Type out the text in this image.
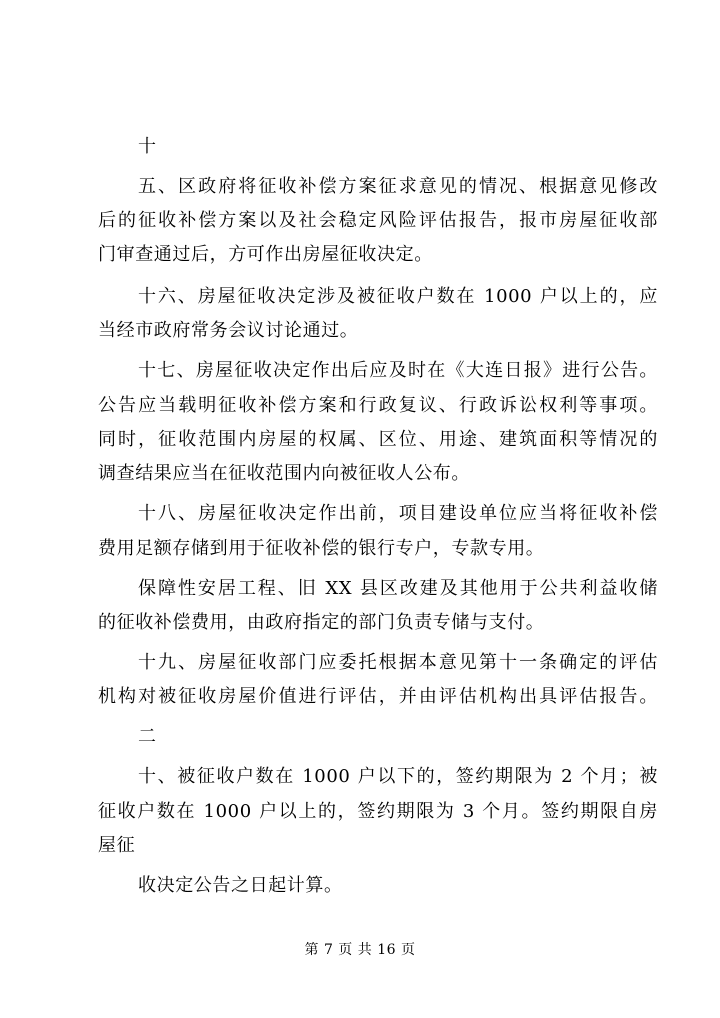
十
五、区政府将征收补偿方案征求意见的情况、根据意见修改
后的征收补偿方案以及社会稳定风险评估报告，报市房屋征收部
门审查通过后，方可作出房屋征收决定。
十六、房屋征收决定涉及被征收户数在 1000 户以上的，应
当经市政府常务会议讨论通过。
十七、房屋征收决定作出后应及时在《大连日报》进行公告。
公告应当载明征收补偿方案和行政复议、行政诉讼权利等事项。
同时，征收范围内房屋的权属、区位、用途、建筑面积等情况的
调查结果应当在征收范围内向被征收人公布。
十八、房屋征收决定作出前，项目建设单位应当将征收补偿
费用足额存储到用于征收补偿的银行专户，专款专用。
保障性安居工程、旧 XX 县区改建及其他用于公共利益收储
的征收补偿费用，由政府指定的部门负责专储与支付。
十九、房屋征收部门应委托根据本意见第十一条确定的评估
机构对被征收房屋价值进行评估，并由评估机构出具评估报告。
二
十、被征收户数在 1000 户以下的，签约期限为 2 个月；被
征收户数在 1000 户以上的，签约期限为 3 个月。签约期限自房
屋征
收决定公告之日起计算。
第 7 页 共 16 页
